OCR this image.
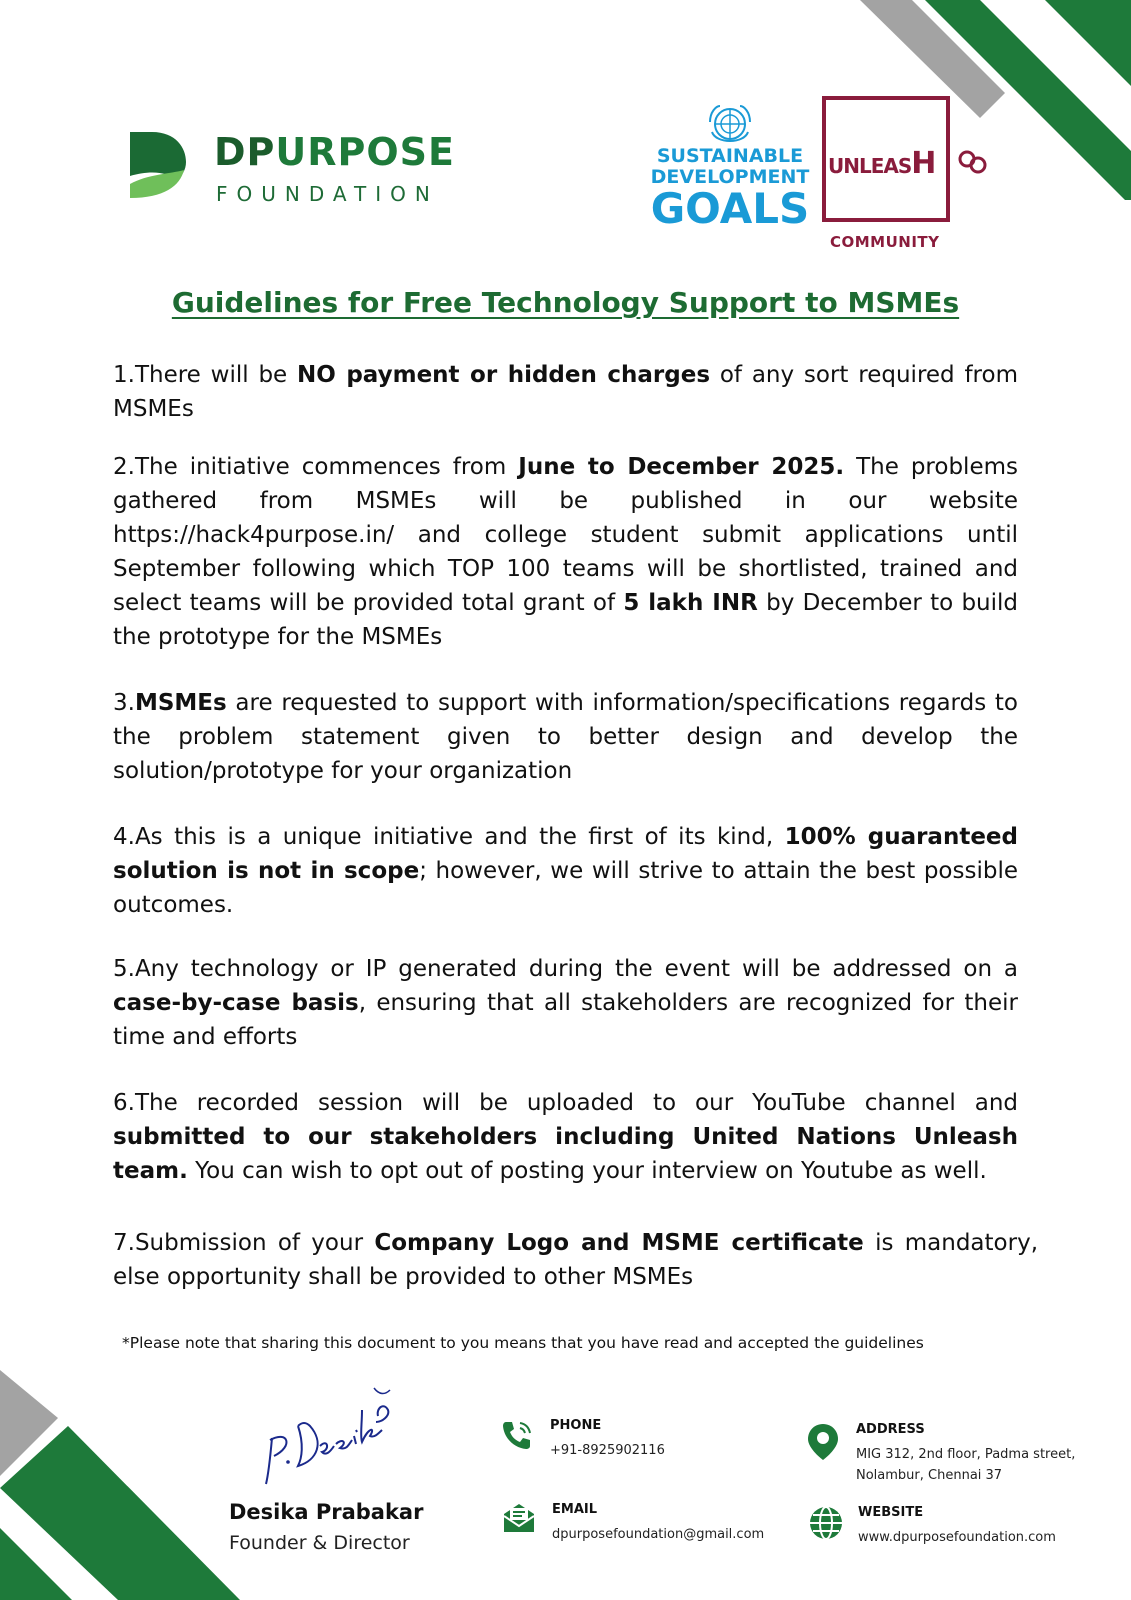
DPURPOSE
FOUNDATION
SUSTAINABLE
DEVELOPMENT
GOALS
UNLEASH
COMMUNITY
Guidelines for Free Technology Support to MSMEs

1.There will be NO payment or hidden charges of any sort required from MSMEs

2.The initiative commences from June to December 2025. The problems gathered from MSMEs will be published in our website https://hack4purpose.in/ and college student submit applications until September following which TOP 100 teams will be shortlisted, trained and select teams will be provided total grant of 5 lakh INR by December to build the prototype for the MSMEs

3.MSMEs are requested to support with information/specifications regards to the problem statement given to better design and develop the solution/prototype for your organization

4.As this is a unique initiative and the first of its kind, 100% guaranteed solution is not in scope; however, we will strive to attain the best possible outcomes.

5.Any technology or IP generated during the event will be addressed on a case-by-case basis, ensuring that all stakeholders are recognized for their time and efforts

6.The recorded session will be uploaded to our YouTube channel and submitted to our stakeholders including United Nations Unleash team. You can wish to opt out of posting your interview on Youtube as well.

7.Submission of your Company Logo and MSME certificate is mandatory, else opportunity shall be provided to other MSMEs

*Please note that sharing this document to you means that you have read and accepted the guidelines
Desika Prabakar
Founder & Director
PHONE
+91-8925902116
EMAIL
dpurposefoundation@gmail.com
ADDRESS
MIG 312, 2nd floor, Padma street,
Nolambur, Chennai 37
WEBSITE
www.dpurposefoundation.com
